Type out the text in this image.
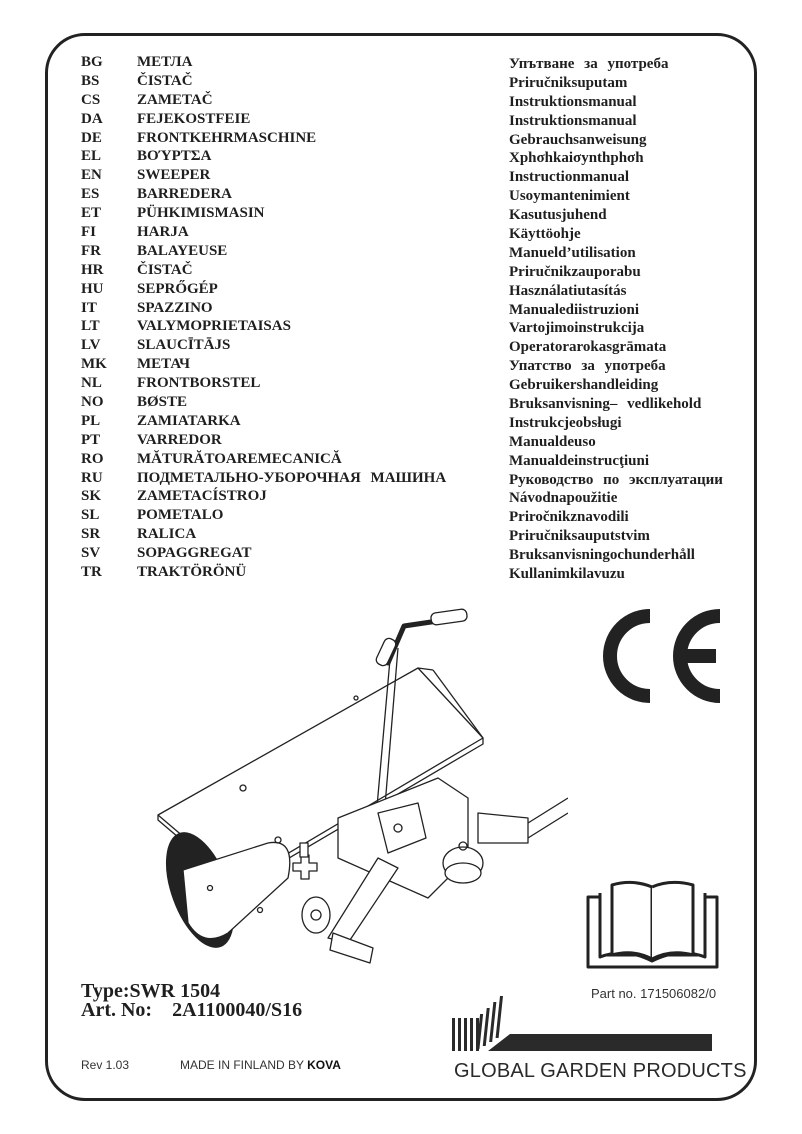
BG	МЕТЛА
BS	ČISTAČ
CS	ZAMETAČ
DA	FEJEKOSTFEIE
DE	FRONTKEHRMASCHINE
EL	ΒΟΎΡΤΣΑ
EN	SWEEPER
ES	BARREDERA
ET	PÜHKIMISMASIN
FI	HARJA
FR	BALAYEUSE
HR	ČISTAČ
HU	SEPRŐGÉP
IT	SPAZZINO
LT	VALYMOPRIETAISAS
LV	SLAUCĪTĀJS
MK	МЕТАЧ
NL	FRONTBORSTEL
NO	BØSTE
PL	ZAMIATARKA
PT	VARREDOR
RO	MĂTURĂTOAREMECANICĂ
RU	ПОДМЕТАЛЬНО-УБОРОЧНАЯ МАШИНА
SK	ZAMETACÍSTROJ
SL	POMETALO
SR	RALICA
SV	SOPAGGREGAT
TR	TRAKTÖRÖNÜ
Упътване за употреба
Priručniksuputam
Instruktionsmanual
Instruktionsmanual
Gebrauchsanweisung
Xphσhkaiσynthphσh
Instructionmanual
Usoymantenimient
Kasutusjuhend
Käyttöohje
Manueld’utilisation
Priručnikzauporabu
Használatiutasítás
Manualediistruzioni
Vartojimoinstrukcija
Operatorarokasgrāmata
Упатство за употреба
Gebruikershandleiding
Bruksanvisning– vedlikehold
Instrukcjeobsługi
Manualdeuso
Manualdeinstrucţiuni
Руководство по эксплуатации
Návodnapoužitie
Priročnikznavodili
Priručniksauputstvim
Bruksanvisningochunderhåll
Kullanimkilavuzu
Part no. 171506082/0
Type:SWR 1504
Art. No:    2A1100040/S16
Rev 1.03	MADE IN FINLAND BY KOVA	GLOBAL GARDEN PRODUCTS
